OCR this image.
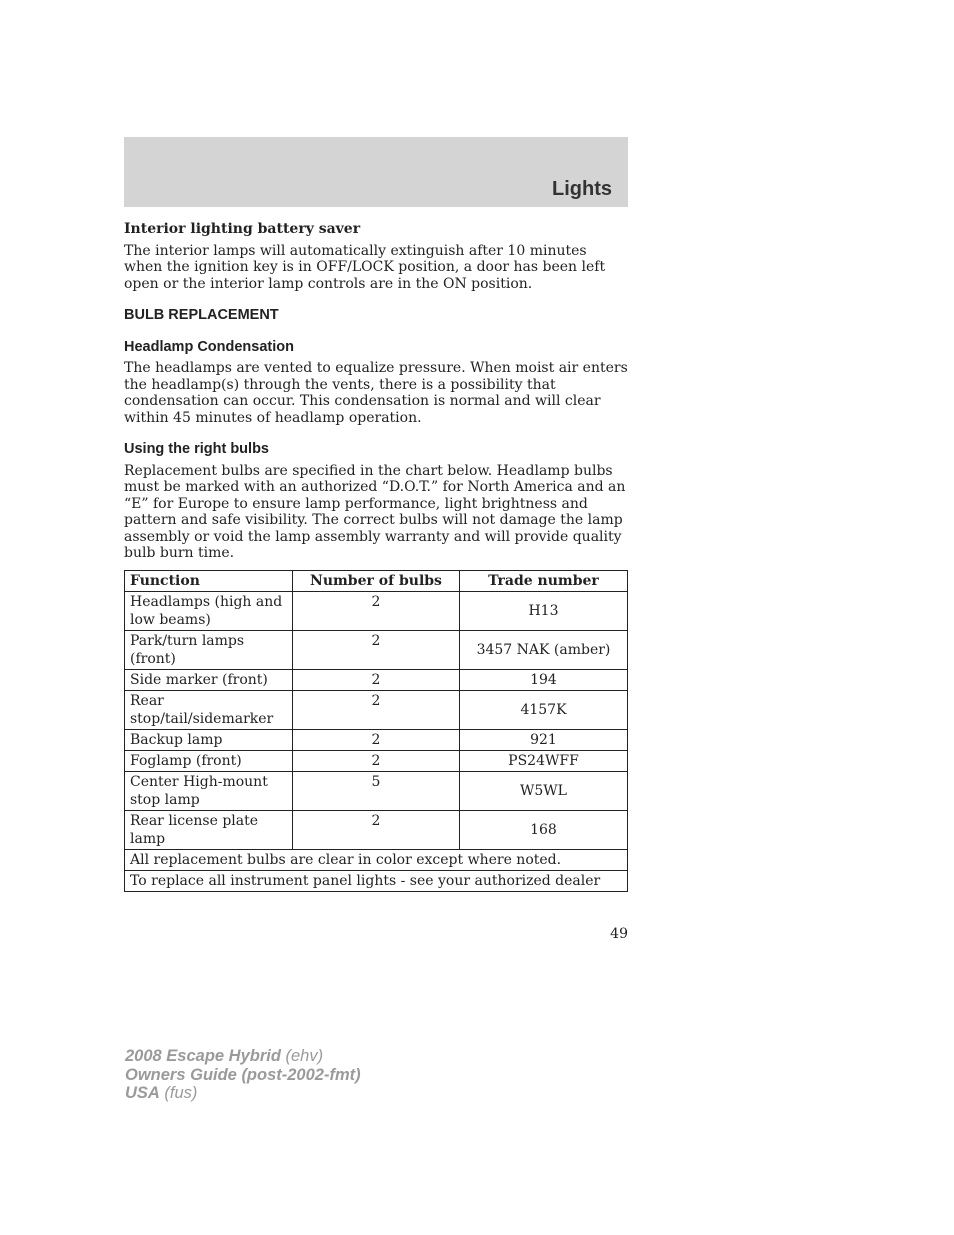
Lights

Interior lighting battery saver

The interior lamps will automatically extinguish after 10 minutes when the ignition key is in OFF/LOCK position, a door has been left open or the interior lamp controls are in the ON position.

BULB REPLACEMENT

Headlamp Condensation

The headlamps are vented to equalize pressure. When moist air enters the headlamp(s) through the vents, there is a possibility that condensation can occur. This condensation is normal and will clear within 45 minutes of headlamp operation.

Using the right bulbs

Replacement bulbs are specified in the chart below. Headlamp bulbs must be marked with an authorized “D.O.T.” for North America and an “E” for Europe to ensure lamp performance, light brightness and pattern and safe visibility. The correct bulbs will not damage the lamp assembly or void the lamp assembly warranty and will provide quality bulb burn time.

Function	Number of bulbs	Trade number
Headlamps (high and low beams)	2	H13
Park/turn lamps (front)	2	3457 NAK (amber)
Side marker (front)	2	194
Rear stop/tail/sidemarker	2	4157K
Backup lamp	2	921
Foglamp (front)	2	PS24WFF
Center High-mount stop lamp	5	W5WL
Rear license plate lamp	2	168
All replacement bulbs are clear in color except where noted.		
To replace all instrument panel lights - see your authorized dealer		
49
2008 Escape Hybrid (ehv)
Owners Guide (post-2002-fmt)
USA (fus)
